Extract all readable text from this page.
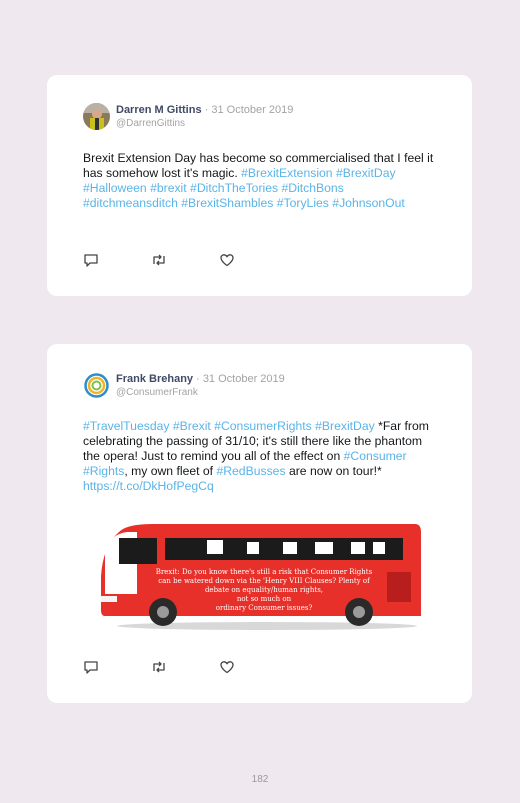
Darren M Gittins · 31 October 2019
@DarrenGittins
Brexit Extension Day has become so commercialised that I feel it has somehow lost it's magic. #BrexitExtension #BrexitDay #Halloween #brexit #DitchTheTories #DitchBons #ditchmeansditch #BrexitShambles #ToryLies #JohnsonOut
Frank Brehany · 31 October 2019
@ConsumerFrank
#TravelTuesday #Brexit #ConsumerRights #BrexitDay *Far from celebrating the passing of 31/10; it's still there like the phantom the opera! Just to remind you all of the effect on #Consumer #Rights, my own fleet of #RedBusses are now on tour!* https://t.co/DkHofPegCq
Brexit: Do you know there's still a risk that Consumer Rights
can be watered down via the 'Henry VIII Clauses? Plenty of
debate on equality/human rights,
not so much on
ordinary Consumer issues?
182
